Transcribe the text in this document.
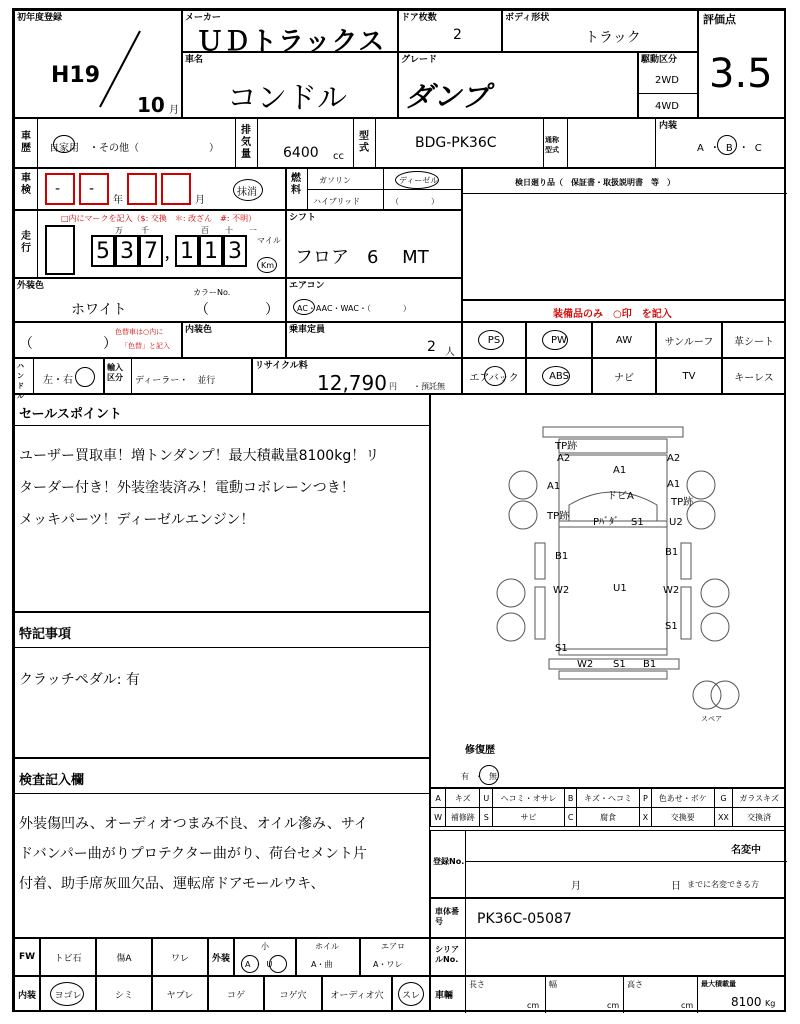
初年度登録
H19
10 月
メーカー
ＵＤトラックス
ドア枚数
2
ボディ形状
トラック
評価点
3.5
車名
コンドル
グレード
ダンプ
駆動区分
2WD
4WD
車歴 自家用　・その他（　　　　　　　）
排気量 6400 cc
型式	BDG-PK36C	通称型式
内装
A・B・C
車検 - -
年	月
抹消
燃料
ガソリン	ディーゼル
ハイブリッド	（　　　　）
検日廻り品（　保証書・取扱説明書　等　）
走行
□内にマークを記入（$: 交換　＊: 改ざん　#: 不明）
万 千	百 十 一
5 3 7 ， 1 1 3	マイル
Km
シフト
フロア　6　 MT
外装色
ホワイト
カラーNo.
（　　　　）
エアコン
AC・AAC・WAC・（　　　　）
装備品のみ　○印　を記入
（　　　　　）
色替車は○内に
「色替」と記入
内装色	乗車定員
2 人
PS	PW	AW	サンルーフ	革シート
ハンドル
左・右
輸入区分	ディーラー・　並行
リサイクル料
12,790 円 ・預託無
エアバック	ABS	ナビ	TV	キーレス
セールスポイント
ユーザー買取車！増トンダンプ！最大積載量8100kg！リ
ターダー付き！外装塗装済み！電動コボレーンつき！
メッキパーツ！ディーゼルエンジン！
特記事項
クラッチペダル: 有
検査記入欄
外装傷凹み、オーディオつまみ不良、オイル滲み、サイ
ドバンパー曲がりプロテクター曲がり、荷台セメント片
付着、助手席灰皿欠品、運転席ドアモールウキ、
TP跡
A2	A2
A1
A1
A1
TP跡
TP跡
ドビA
Pﾊﾞﾀﾞ S1	U2
B1	B1
U1
W2	W2
S1
S1
W2 S1 B1
スペア
修復歴
有・無
A	キズ	U	ヘコミ・オサレ	B	キズ・ヘコミ	P	色あせ・ボケ	G	ガラスキズ
W	補修跡	S	サビ	C	腐食	X	交換要	XX	交換済
登録No.
名変中
月	日 までに名変できる方
車体番号	PK36C-05087
FW	トビ石	傷A	ワレ	外装
小
A・U
ホイル
A・曲
エアロ
A・ワレ
シリアルNo.
内装	ヨゴレ	シミ	ヤブレ	コゲ	コゲ穴	オーディオ穴	スレ	車輛
長さ
cm
幅
cm
高さ
cm
最大積載量
8100 Kg
